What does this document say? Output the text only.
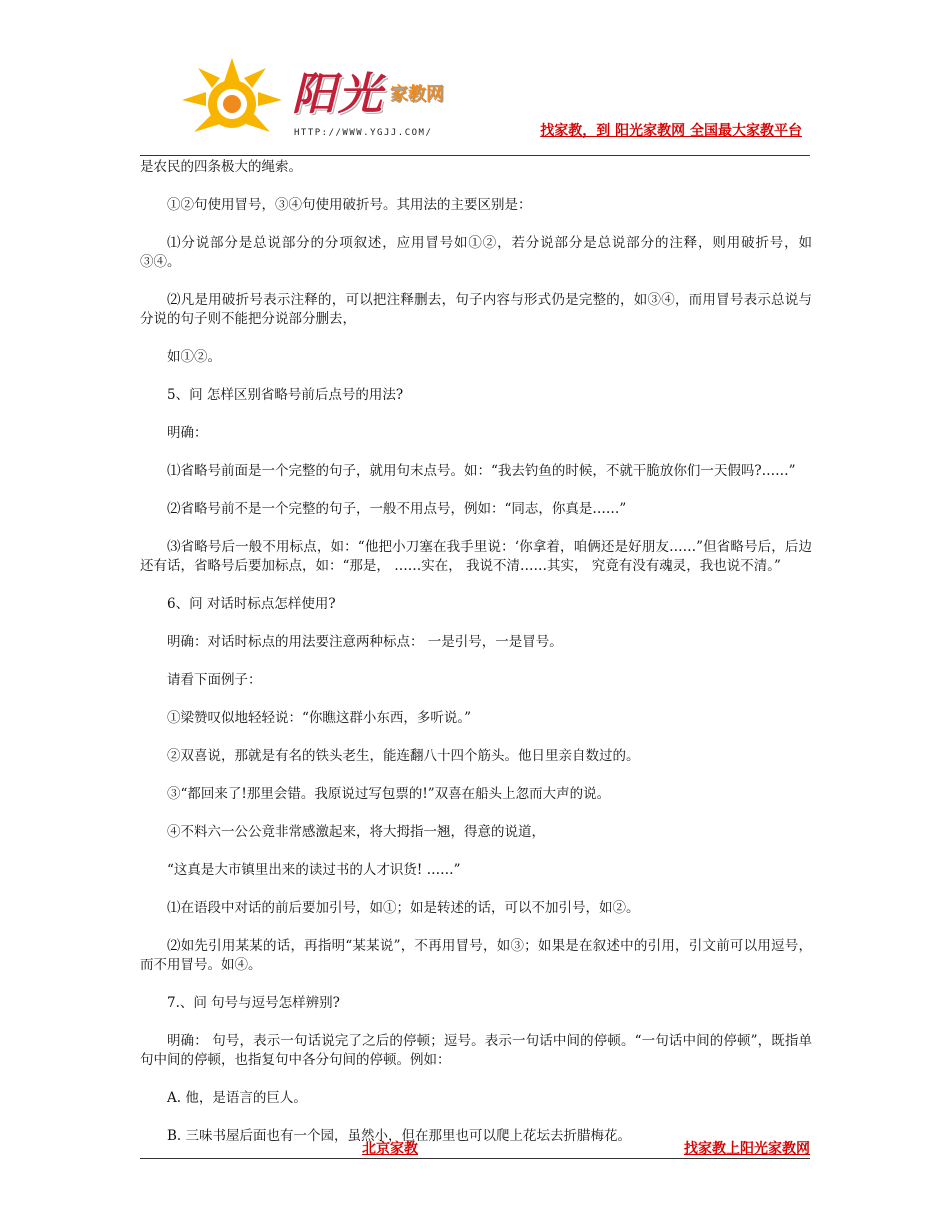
阳光 家教网
HTTP://WWW.YGJJ.COM/	找家教，到 阳光家教网 全国最大家教平台

是农民的四条极大的绳索。

①②句使用冒号，③④句使用破折号。其用法的主要区别是：

⑴分说部分是总说部分的分项叙述，应用冒号如①②，若分说部分是总说部分的注释，则用破折号，如③④。

⑵凡是用破折号表示注释的，可以把注释删去，句子内容与形式仍是完整的，如③④，而用冒号表示总说与分说的句子则不能把分说部分删去，

如①②。

5、问 怎样区别省略号前后点号的用法?

明确：

⑴省略号前面是一个完整的句子，就用句末点号。如：“我去钓鱼的时候，不就干脆放你们一天假吗?……”

⑵省略号前不是一个完整的句子，一般不用点号，例如：“同志，你真是……”

⑶省略号后一般不用标点，如：“他把小刀塞在我手里说：‘你拿着，咱俩还是好朋友……”但省略号后，后边还有话，省略号后要加标点，如：“那是， ……实在， 我说不清……其实， 究竟有没有魂灵，我也说不清。”

6、问 对话时标点怎样使用?

明确：对话时标点的用法要注意两种标点： 一是引号，一是冒号。

请看下面例子：

①梁赞叹似地轻轻说：“你瞧这群小东西，多听说。”

②双喜说，那就是有名的铁头老生，能连翻八十四个筋头。他日里亲自数过的。

③“都回来了!那里会错。我原说过写包票的!”双喜在船头上忽而大声的说。

④不料六一公公竟非常感激起来，将大拇指一翘，得意的说道，

“这真是大市镇里出来的读过书的人才识货! ……”

⑴在语段中对话的前后要加引号，如①；如是转述的话，可以不加引号，如②。

⑵如先引用某某的话，再指明“某某说”，不再用冒号，如③；如果是在叙述中的引用，引文前可以用逗号，而不用冒号。如④。

7.、问 句号与逗号怎样辨别?

明确： 句号，表示一句话说完了之后的停顿；逗号。表示一句话中间的停顿。“一句话中间的停顿”，既指单句中间的停顿，也指复句中各分句间的停顿。例如：

A. 他，是语言的巨人。

B. 三味书屋后面也有一个园，虽然小，但在那里也可以爬上花坛去折腊梅花。

北京家教	找家教上阳光家教网
